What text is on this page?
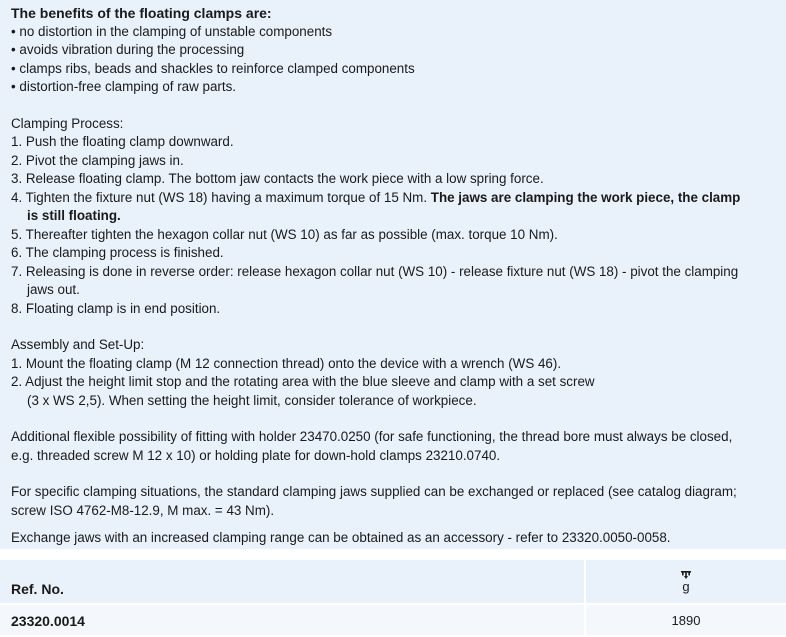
The benefits of the floating clamps are:
• no distortion in the clamping of unstable components
• avoids vibration during the processing
• clamps ribs, beads and shackles to reinforce clamped components
• distortion-free clamping of raw parts.
Clamping Process:
1. Push the floating clamp downward.
2. Pivot the clamping jaws in.
3. Release floating clamp. The bottom jaw contacts the work piece with a low spring force.
4. Tighten the fixture nut (WS 18) having a maximum torque of 15 Nm. The jaws are clamping the work piece, the clamp
is still floating.
5. Thereafter tighten the hexagon collar nut (WS 10) as far as possible (max. torque 10 Nm).
6. The clamping process is finished.
7. Releasing is done in reverse order: release hexagon collar nut (WS 10) - release fixture nut (WS 18) - pivot the clamping
jaws out.
8. Floating clamp is in end position.
Assembly and Set-Up:
1. Mount the floating clamp (M 12 connection thread) onto the device with a wrench (WS 46).
2. Adjust the height limit stop and the rotating area with the blue sleeve and clamp with a set screw
(3 x WS 2,5). When setting the height limit, consider tolerance of workpiece.
Additional flexible possibility of fitting with holder 23470.0250 (for safe functioning, the thread bore must always be closed,
e.g. threaded screw M 12 x 10) or holding plate for down-hold clamps 23210.0740.
For specific clamping situations, the standard clamping jaws supplied can be exchanged or replaced (see catalog diagram;
screw ISO 4762-M8-12.9, M max. = 43 Nm).
Exchange jaws with an increased clamping range can be obtained as an accessory - refer to 23320.0050-0058.
Ref. No.	g
23320.0014	1890
